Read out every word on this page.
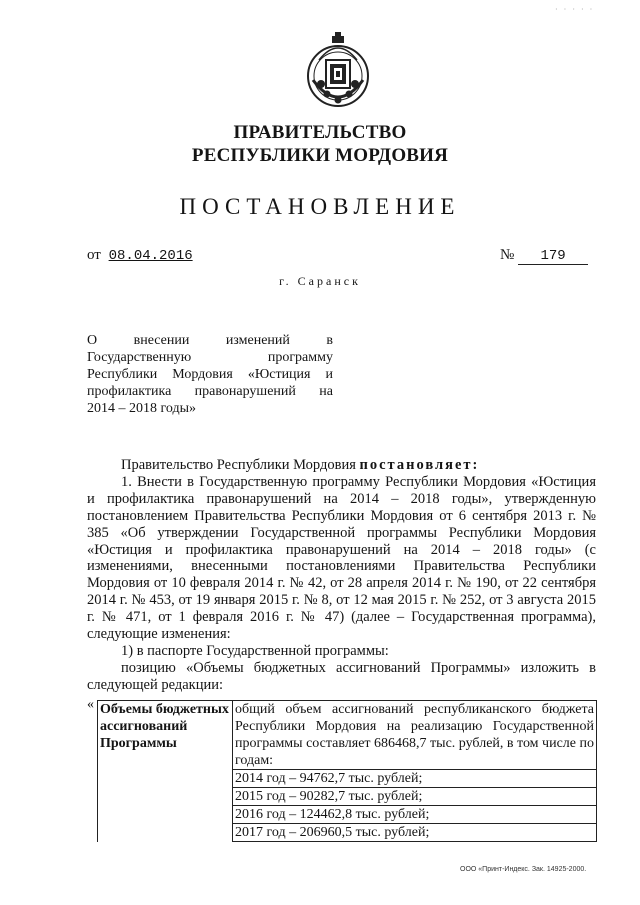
· · · · ·
ПРАВИТЕЛЬСТВО
РЕСПУБЛИКИ МОРДОВИЯ
ПОСТАНОВЛЕНИЕ
от 08.04.2016	№ 179
г. Саранск

О внесении изменений в

Государственную программу

Республики Мордовия «Юстиция и

профилактика правонарушений на

2014 – 2018 годы»

Правительство Республики Мордовия постановляет:

1. Внести в Государственную программу Республики Мордовия «Юстиция и профилактика правонарушений на 2014 – 2018 годы», утвержденную постановлением Правительства Республики Мордовия от 6 сентября 2013 г. № 385 «Об утверждении Государственной программы Республики Мордовия «Юстиция и профилактика правонарушений на 2014 – 2018 годы» (с изменениями, внесенными постановлениями Правительства Республики Мордовия от 10 февраля 2014 г. № 42, от 28 апреля 2014 г. № 190, от 22 сентября 2014 г. № 453, от 19 января 2015 г. № 8, от 12 мая 2015 г. № 252, от 3 августа 2015 г. № 471, от 1 февраля 2016 г. № 47) (далее – Государственная программа), следующие изменения:

1) в паспорте Государственной программы:

позицию «Объемы бюджетных ассигнований Программы» изложить в следующей редакции:

« Объемы бюджетных ассигнований Программы	общий объем ассигнований республиканского бюджета Республики Мордовия на реализацию Государственной программы составляет 686468,7 тыс. рублей, в том числе по годам:
2014 год – 94762,7 тыс. рублей;
2015 год – 90282,7 тыс. рублей;
2016 год – 124462,8 тыс. рублей;
2017 год – 206960,5 тыс. рублей;
ООО «Принт-Индекс. Зак. 14925-2000.
